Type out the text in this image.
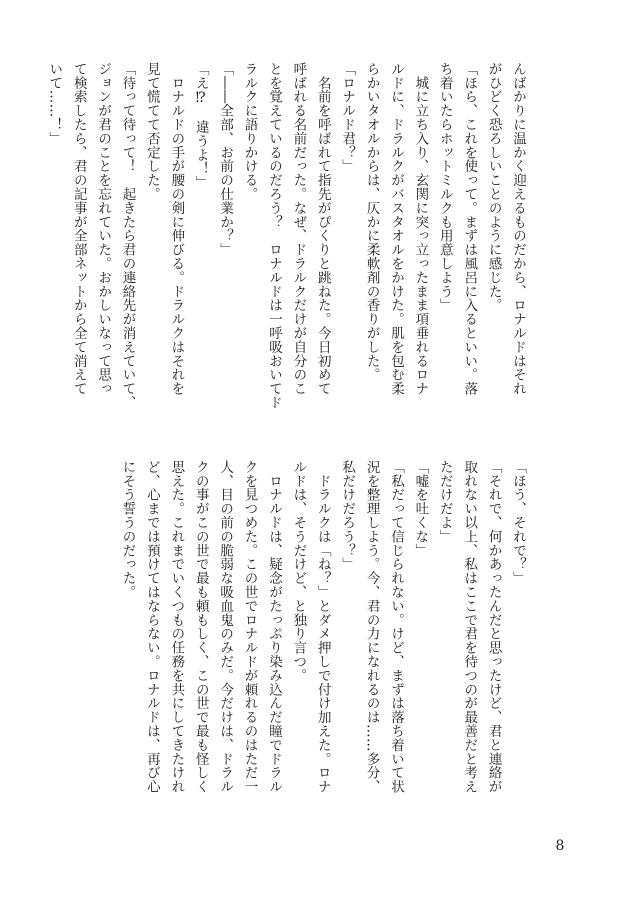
んばかりに温かく迎えるものだから、ロナルドはそれ
がひどく恐ろしいことのように感じた。
「ほら、これを使って。まずは風呂に入るといい。落
ち着いたらホットミルクも用意しよう」
　城に立ち入り、玄関に突っ立ったまま項垂れるロナ
ルドに、ドラルクがバスタオルをかけた。肌を包む柔
らかいタオルからは、仄かに柔軟剤の香りがした。
「ロナルド君？」
　名前を呼ばれて指先がぴくりと跳ねた。今日初めて
呼ばれる名前だった。なぜ、ドラルクだけが自分のこ
とを覚えているのだろう？　ロナルドは一呼吸おいてド
ラルクに語りかける。
「――全部、お前の仕業か？」
「え⁉　違うよ！」
　ロナルドの手が腰の剣に伸びる。ドラルクはそれを
見て慌てて否定した。
「待って待って！　起きたら君の連絡先が消えていて、
ジョンが君のことを忘れていた。おかしいなって思っ
て検索したら、君の記事が全部ネットから全て消えて
いて……！」
「ほう、それで？」
「それで、何かあったんだと思ったけど、君と連絡が
取れない以上、私はここで君を待つのが最善だと考え
ただけだよ」
「嘘を吐くな」
「私だって信じられない。けど、まずは落ち着いて状
況を整理しよう。今、君の力になれるのは……多分、
私だけだろう？」
　ドラルクは「ね？」とダメ押しで付け加えた。ロナ
ルドは、そうだけど、と独り言つ。
　ロナルドは、疑念がたっぷり染み込んだ瞳でドラル
クを見つめた。この世でロナルドが頼れるのはただ一
人、目の前の脆弱な吸血鬼のみだ。今だけは、ドラル
クの事がこの世で最も頼もしく、この世で最も怪しく
思えた。これまでいくつもの任務を共にしてきたけれ
ど、心までは預けてはならない。ロナルドは、再び心
にそう誓うのだった。
8
